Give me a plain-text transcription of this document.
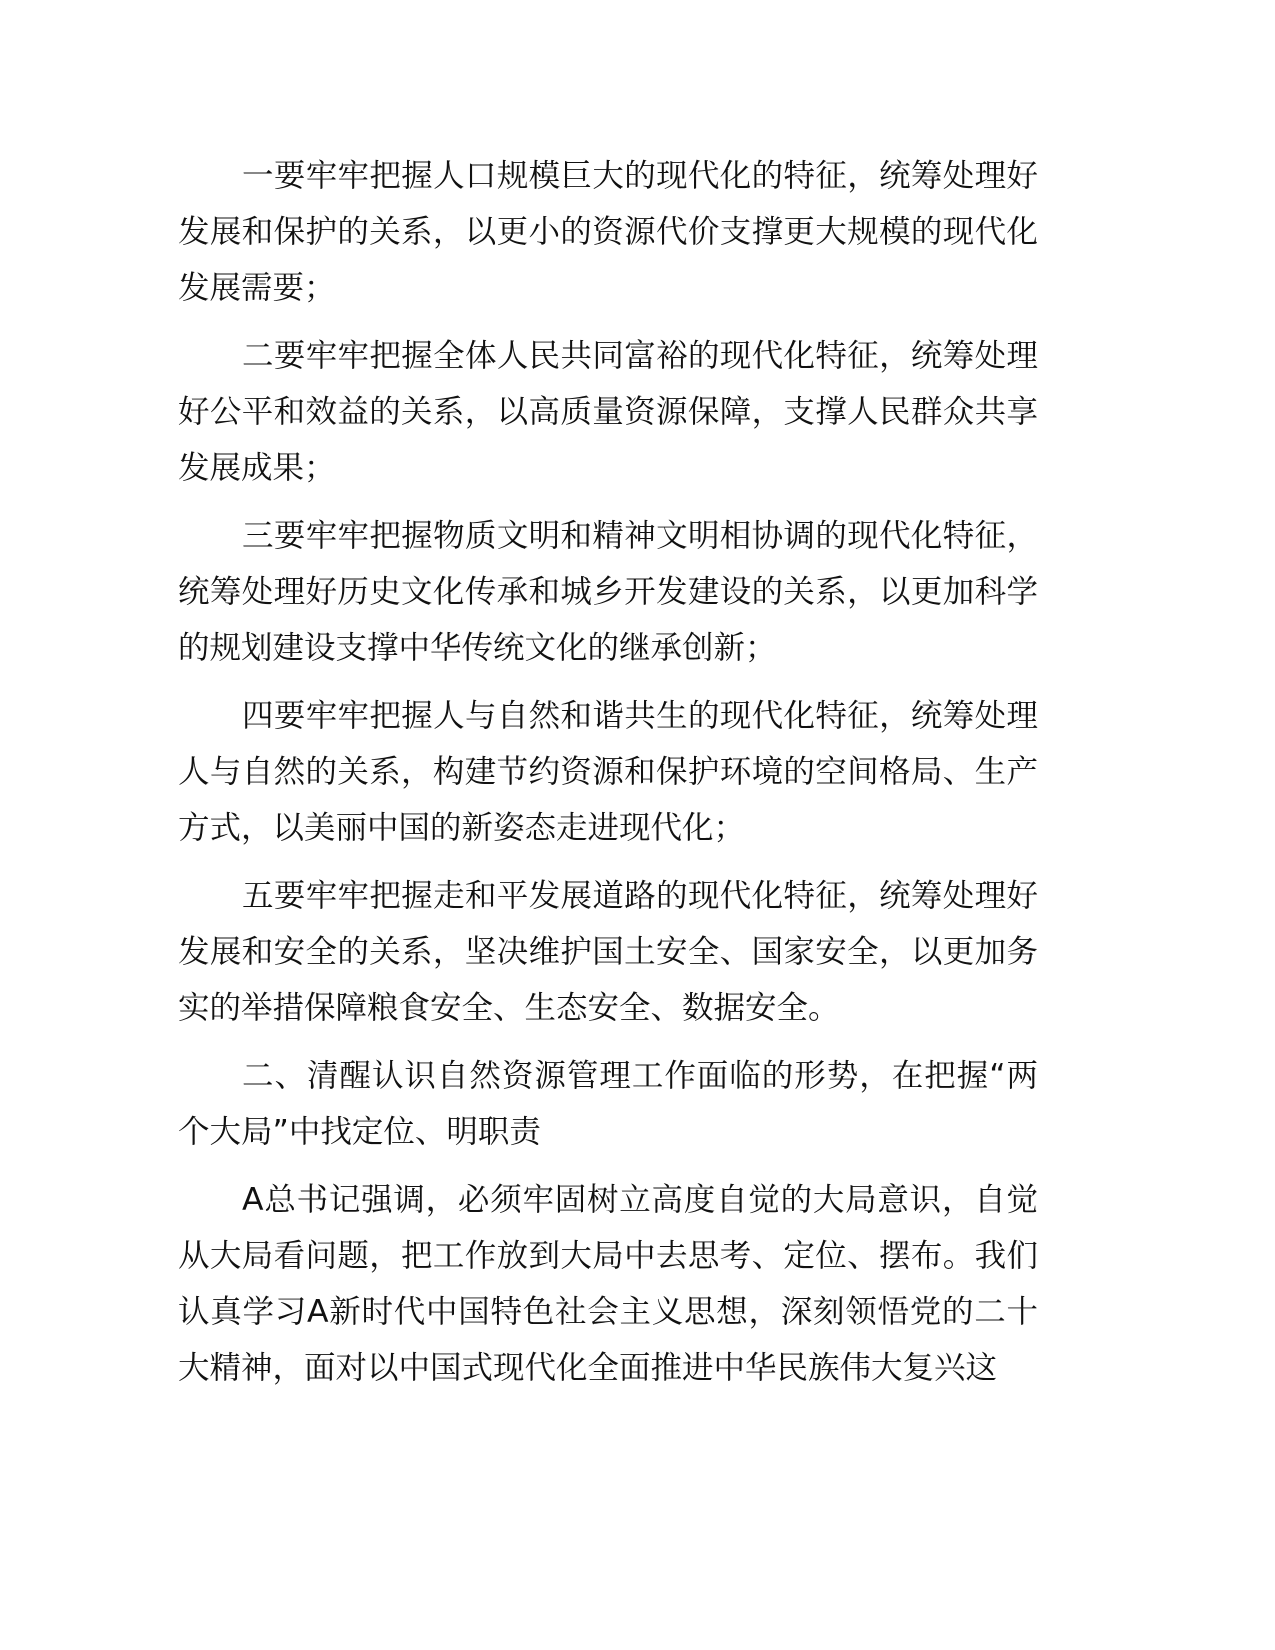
一要牢牢把握人口规模巨大的现代化的特征，统筹处理好发展和保护的关系，以更小的资源代价支撑更大规模的现代化发展需要；

二要牢牢把握全体人民共同富裕的现代化特征，统筹处理好公平和效益的关系，以高质量资源保障，支撑人民群众共享发展成果；

三要牢牢把握物质文明和精神文明相协调的现代化特征，统筹处理好历史文化传承和城乡开发建设的关系，以更加科学的规划建设支撑中华传统文化的继承创新；

四要牢牢把握人与自然和谐共生的现代化特征，统筹处理人与自然的关系，构建节约资源和保护环境的空间格局、生产方式，以美丽中国的新姿态走进现代化；

五要牢牢把握走和平发展道路的现代化特征，统筹处理好发展和安全的关系，坚决维护国土安全、国家安全，以更加务实的举措保障粮食安全、生态安全、数据安全。

二、清醒认识自然资源管理工作面临的形势，在把握“两个大局”中找定位、明职责

A总书记强调，必须牢固树立高度自觉的大局意识，自觉从大局看问题，把工作放到大局中去思考、定位、摆布。我们认真学习A新时代中国特色社会主义思想，深刻领悟党的二十大精神，面对以中国式现代化全面推进中华民族伟大复兴这
